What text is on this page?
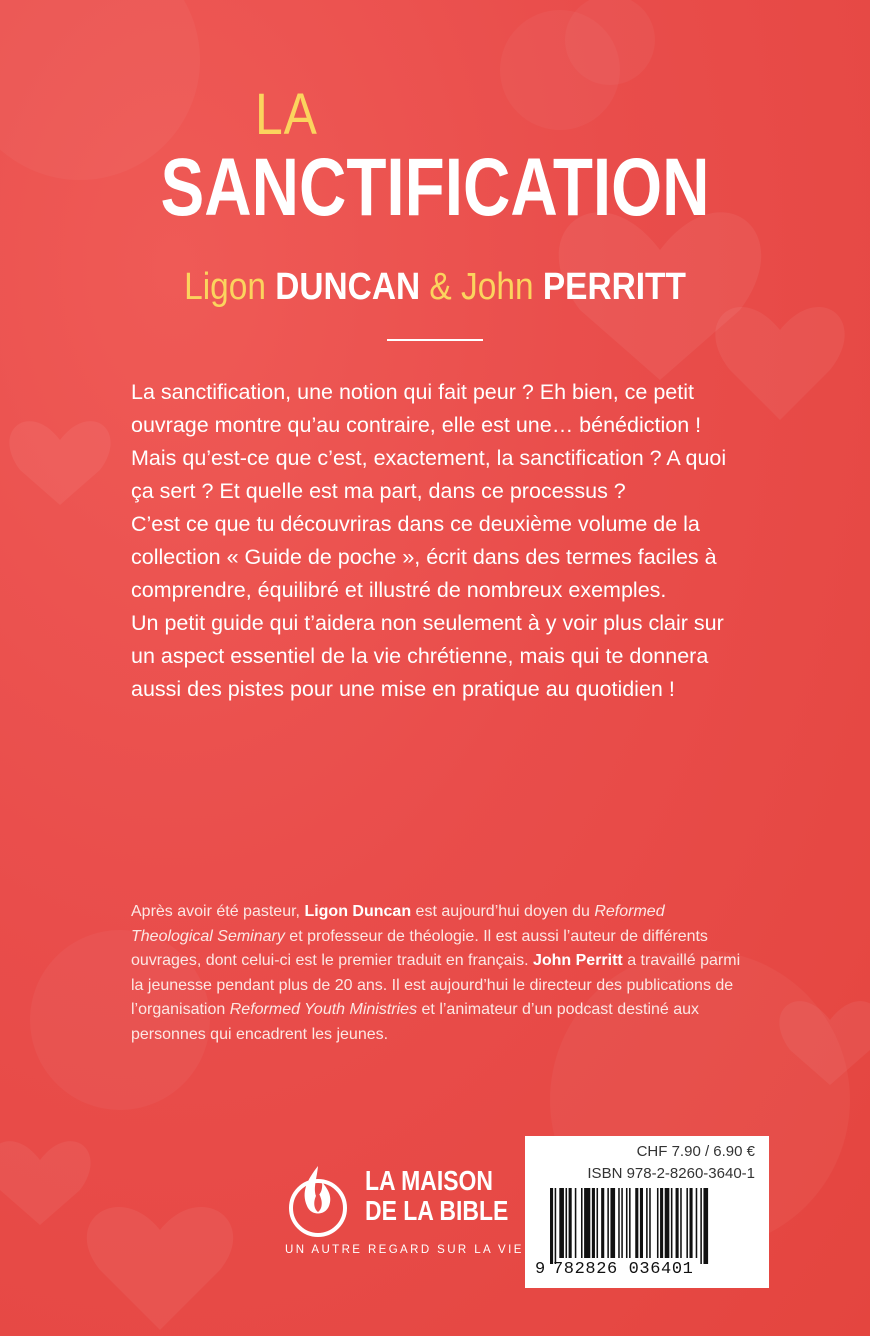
LA
SANCTIFICATION
Ligon DUNCAN & John PERRITT

La sanctification, une notion qui fait peur ? Eh bien, ce petit ouvrage montre qu’au contraire, elle est une… bénédiction !

Mais qu’est-ce que c’est, exactement, la sanctification ? A quoi ça sert ? Et quelle est ma part, dans ce processus ?

C’est ce que tu découvriras dans ce deuxième volume de la collection « Guide de poche », écrit dans des termes faciles à comprendre, équilibré et illustré de nombreux exemples.

Un petit guide qui t’aidera non seulement à y voir plus clair sur un aspect essentiel de la vie chrétienne, mais qui te donnera aussi des pistes pour une mise en pratique au quotidien !

Après avoir été pasteur, Ligon Duncan est aujourd’hui doyen du Reformed Theological Seminary et professeur de théologie. Il est aussi l’auteur de différents ouvrages, dont celui-ci est le premier traduit en français. John Perritt a travaillé parmi la jeunesse pendant plus de 20 ans. Il est aujourd’hui le directeur des publications de l’organisation Reformed Youth Ministries et l’animateur d’un podcast destiné aux personnes qui encadrent les jeunes.

LA MAISON
DE LA BIBLE
UN AUTRE REGARD SUR LA VIE
CHF 7.90 / 6.90 €
ISBN 978-2-8260-3640-1
9 782826 036401
